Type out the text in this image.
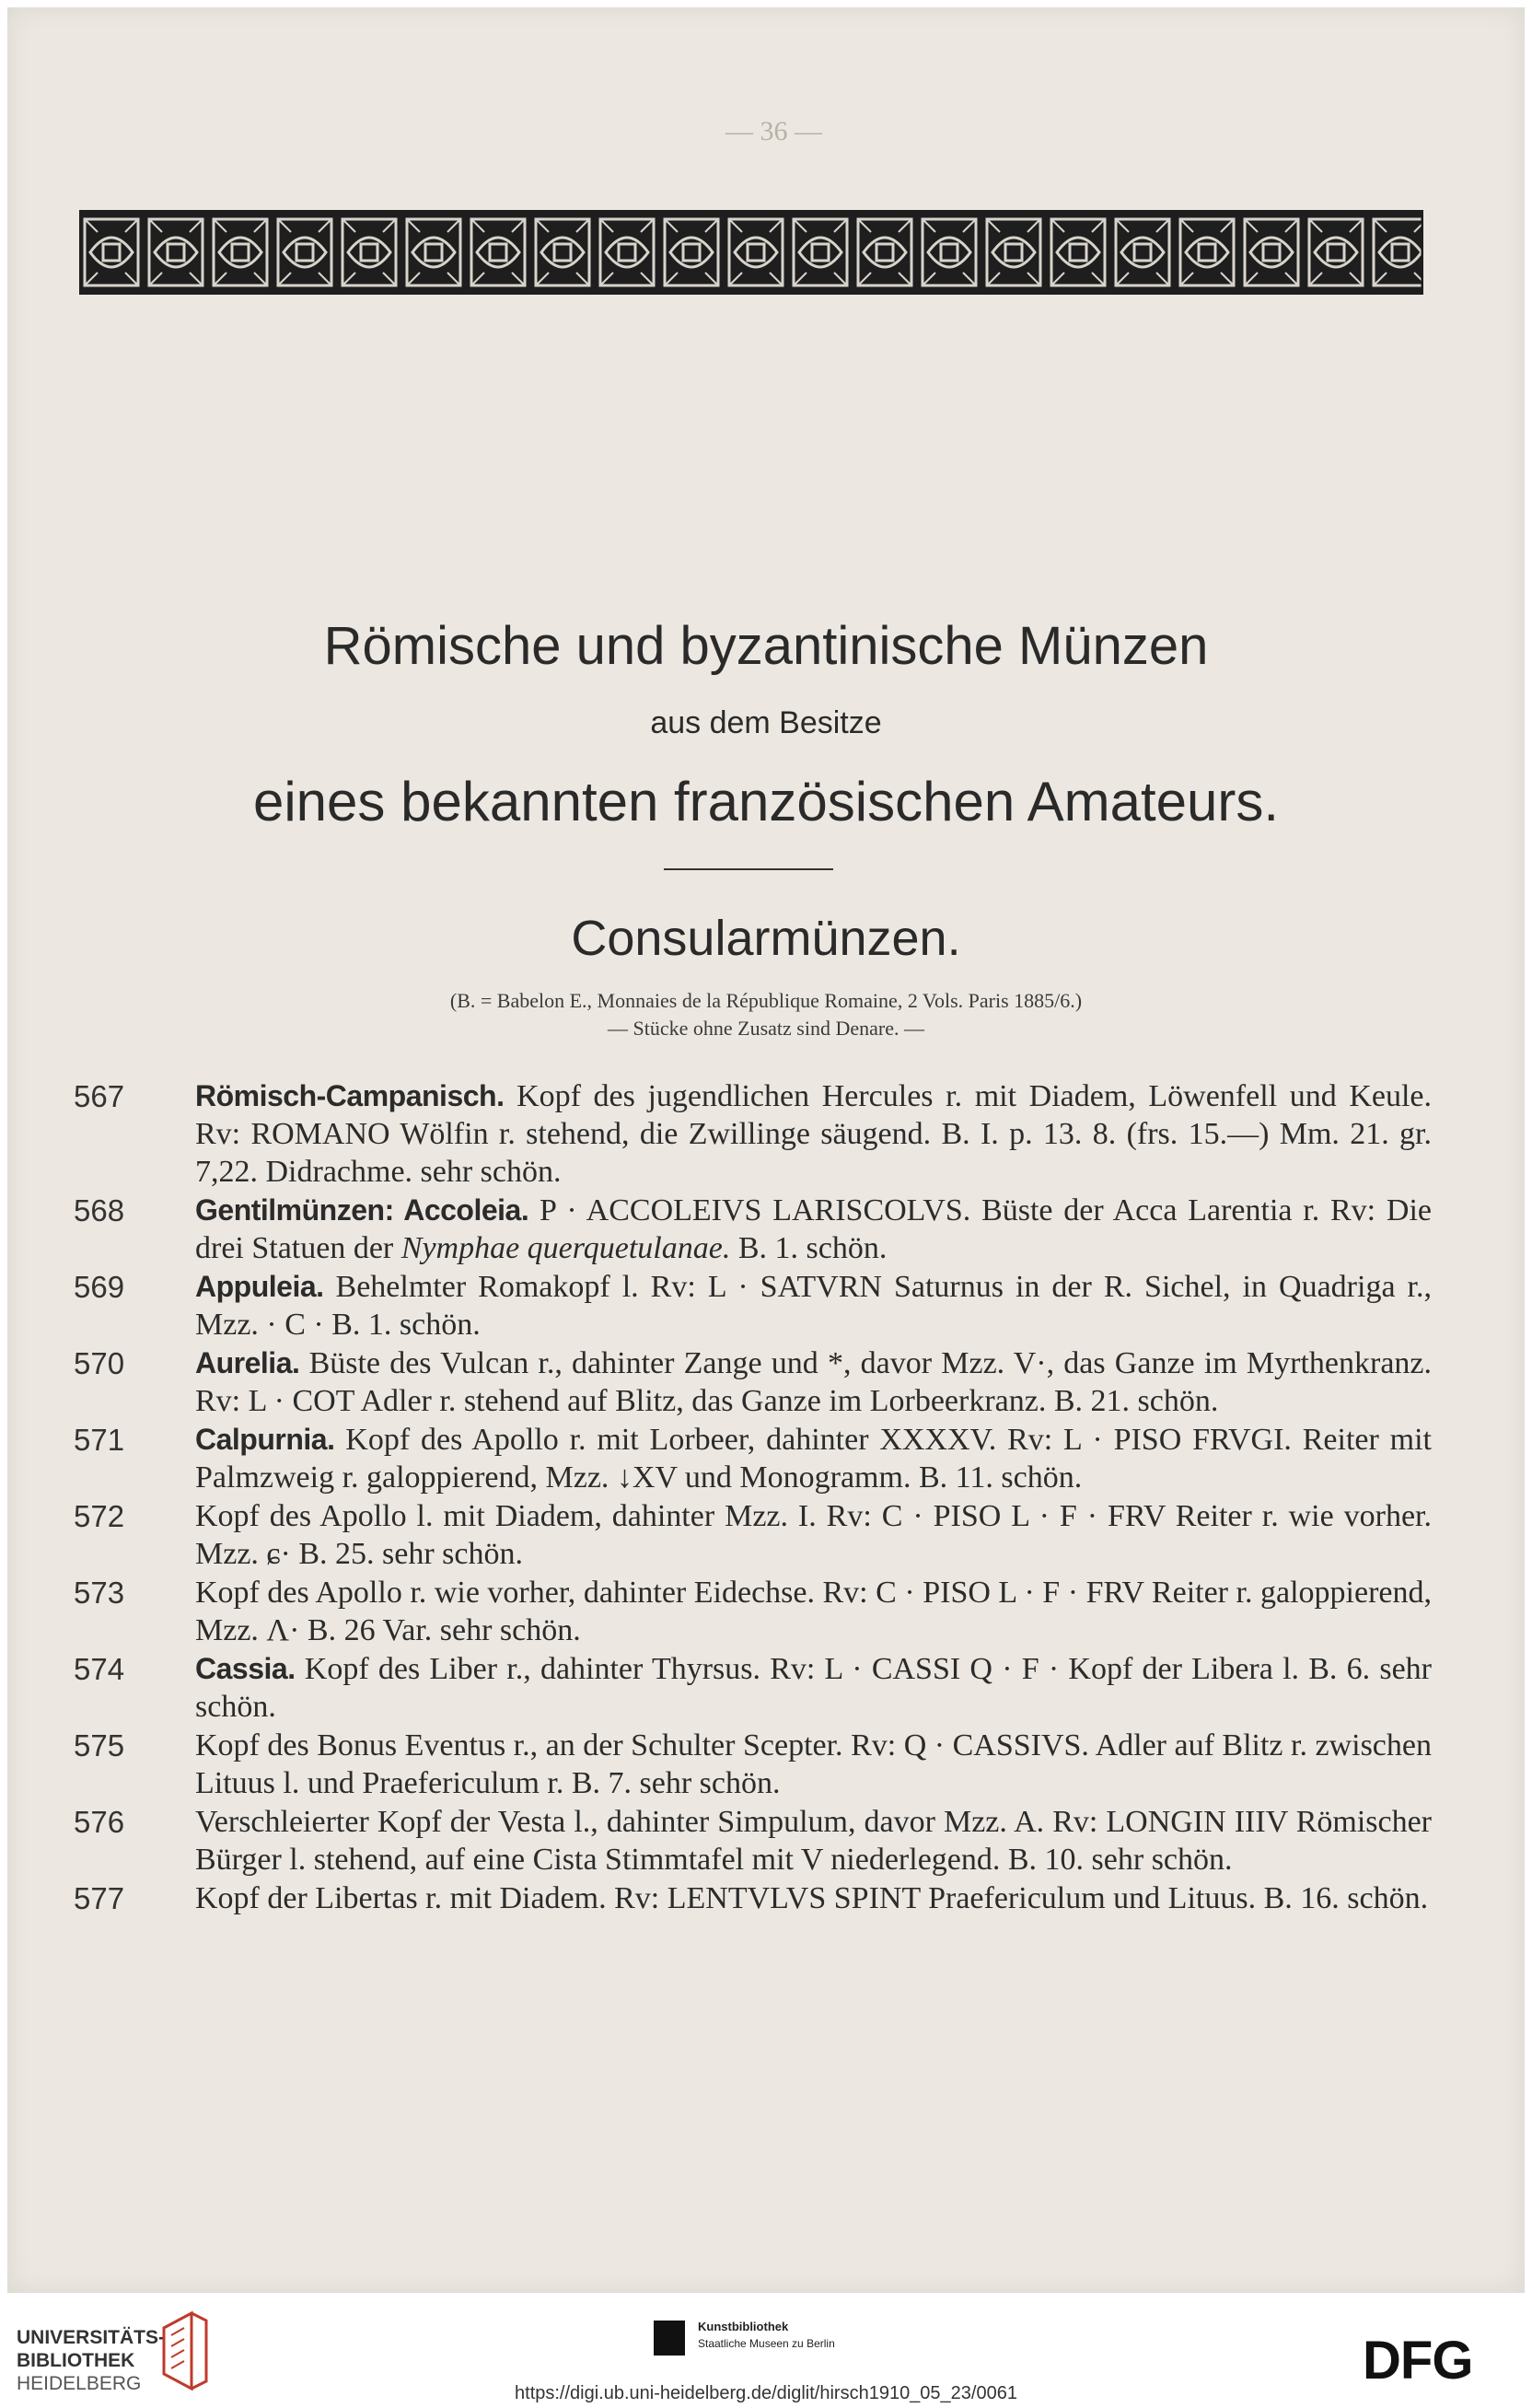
— 36 —
Römische und byzantinische Münzen
aus dem Besitze
eines bekannten französischen Amateurs.
Consularmünzen.
(B. = Babelon E., Monnaies de la République Romaine, 2 Vols. Paris 1885/6.)
— Stücke ohne Zusatz sind Denare. —
567	Römisch-Campanisch. Kopf des jugendlichen Hercules r. mit Diadem, Löwenfell und Keule. Rv: ROMANO Wölfin r. stehend, die Zwillinge säugend. B. I. p. 13. 8. (frs. 15.—) Mm. 21. gr. 7,22. Didrachme. sehr schön.
568	Gentilmünzen: Accoleia. P · ACCOLEIVS LARISCOLVS. Büste der Acca Larentia r. Rv: Die drei Statuen der Nymphae querquetulanae. B. 1. schön.
569	Appuleia. Behelmter Romakopf l. Rv: L · SATVRN Saturnus in der R. Sichel, in Quadriga r., Mzz. · C · B. 1. schön.
570	Aurelia. Büste des Vulcan r., dahinter Zange und *, davor Mzz. V·, das Ganze im Myrthenkranz. Rv: L · COT Adler r. stehend auf Blitz, das Ganze im Lorbeerkranz. B. 21. schön.
571	Calpurnia. Kopf des Apollo r. mit Lorbeer, dahinter XXXXV. Rv: L · PISO FRVGI. Reiter mit Palmzweig r. galoppierend, Mzz. ↓XV und Monogramm. B. 11. schön.
572	Kopf des Apollo l. mit Diadem, dahinter Mzz. I. Rv: C · PISO L · F · FRV Reiter r. wie vorher. Mzz. ɕ· B. 25. sehr schön.
573	Kopf des Apollo r. wie vorher, dahinter Eidechse. Rv: C · PISO L · F · FRV Reiter r. galoppierend, Mzz. Λ· B. 26 Var. sehr schön.
574	Cassia. Kopf des Liber r., dahinter Thyrsus. Rv: L · CASSI Q · F · Kopf der Libera l. B. 6. sehr schön.
575	Kopf des Bonus Eventus r., an der Schulter Scepter. Rv: Q · CASSIVS. Adler auf Blitz r. zwischen Lituus l. und Praefericulum r. B. 7. sehr schön.
576	Verschleierter Kopf der Vesta l., dahinter Simpulum, davor Mzz. A. Rv: LONGIN IIIV Römischer Bürger l. stehend, auf eine Cista Stimmtafel mit V niederlegend. B. 10. sehr schön.
577	Kopf der Libertas r. mit Diadem. Rv: LENTVLVS SPINT Praefericulum und Lituus. B. 16. schön.
UNIVERSITÄTS-
BIBLIOTHEK
HEIDELBERG
Kunstbibliothek
Staatliche Museen zu Berlin	DFG
https://digi.ub.uni-heidelberg.de/diglit/hirsch1910_05_23/0061
